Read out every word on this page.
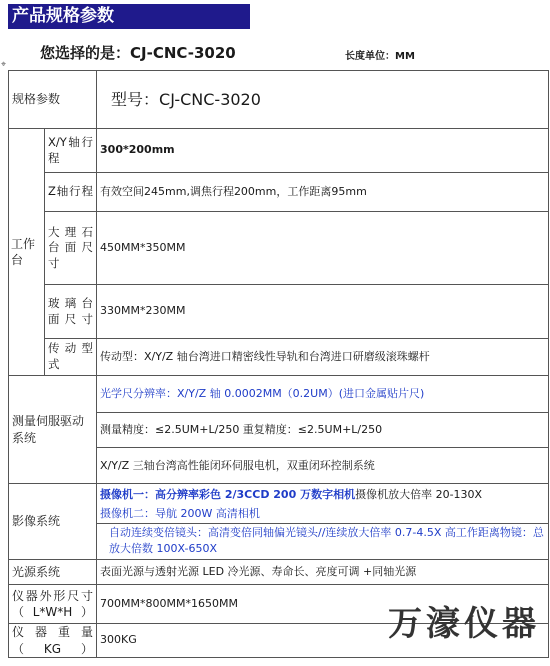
产品规格参数
您选择的是：CJ-CNC-3020	长度单位：MM
⌖
规格参数		型号：CJ-CNC-3020
工作台	X/Y轴行程	300*200mm
	Z轴行程	有效空间245mm,调焦行程200mm，工作距离95mm
	大理石台面尺寸	450MM*350MM
	玻璃台面尺寸	330MM*230MM
	传动型式	传动型：X/Y/Z 轴台湾进口精密线性导轨和台湾进口研磨级滚珠螺杆
测量伺服驱动系统		光学尺分辨率：X/Y/Z 轴 0.0002MM（0.2UM）(进口金属贴片尺)
测量精度：≤2.5UM+L/250 重复精度：≤2.5UM+L/250
X/Y/Z 三轴台湾高性能闭环伺服电机，双重闭环控制系统

影像系统		摄像机一：高分辨率彩色 2/3CCD 200 万数字相机摄像机放大倍率 20-130X
摄像机二：导航 200W 高清相机
自动连续变倍镜头：高清变倍同轴偏光镜头//连续放大倍率 0.7-4.5X 高工作距离物镜：总放大倍数 100X-650X

光源系统		表面光源与透射光源 LED 冷光源、寿命长、亮度可调 +同轴光源
仪器外形尺寸（L*W*H）		700MM*800MM*1650MM
仪器重量（KG）		300KG	万濠仪器
